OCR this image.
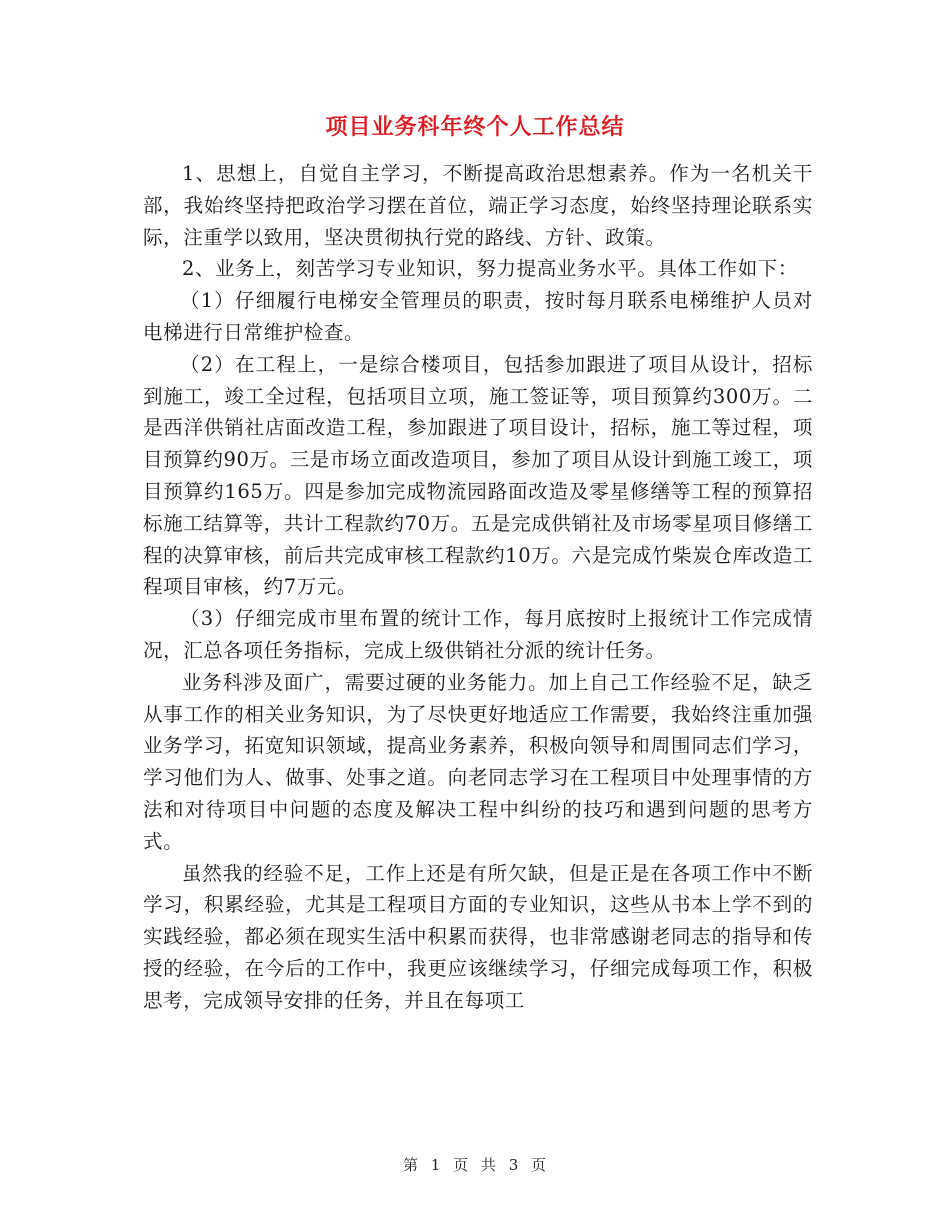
项目业务科年终个人工作总结

1、思想上，自觉自主学习，不断提高政治思想素养。作为一名机关干部，我始终坚持把政治学习摆在首位，端正学习态度，始终坚持理论联系实际，注重学以致用，坚决贯彻执行党的路线、方针、政策。

2、业务上，刻苦学习专业知识，努力提高业务水平。具体工作如下：

（1）仔细履行电梯安全管理员的职责，按时每月联系电梯维护人员对电梯进行日常维护检查。

（2）在工程上，一是综合楼项目，包括参加跟进了项目从设计，招标到施工，竣工全过程，包括项目立项，施工签证等，项目预算约300万。二是西洋供销社店面改造工程，参加跟进了项目设计，招标，施工等过程，项目预算约90万。三是市场立面改造项目，参加了项目从设计到施工竣工，项目预算约165万。四是参加完成物流园路面改造及零星修缮等工程的预算招标施工结算等，共计工程款约70万。五是完成供销社及市场零星项目修缮工程的决算审核，前后共完成审核工程款约10万。六是完成竹柴炭仓库改造工程项目审核，约7万元。

（3）仔细完成市里布置的统计工作，每月底按时上报统计工作完成情况，汇总各项任务指标，完成上级供销社分派的统计任务。

业务科涉及面广，需要过硬的业务能力。加上自己工作经验不足，缺乏从事工作的相关业务知识，为了尽快更好地适应工作需要，我始终注重加强业务学习，拓宽知识领域，提高业务素养，积极向领导和周围同志们学习，学习他们为人、做事、处事之道。向老同志学习在工程项目中处理事情的方法和对待项目中问题的态度及解决工程中纠纷的技巧和遇到问题的思考方式。

虽然我的经验不足，工作上还是有所欠缺，但是正是在各项工作中不断学习，积累经验，尤其是工程项目方面的专业知识，这些从书本上学不到的实践经验，都必须在现实生活中积累而获得，也非常感谢老同志的指导和传授的经验，在今后的工作中，我更应该继续学习，仔细完成每项工作，积极思考，完成领导安排的任务，并且在每项工

第 1 页 共 3 页
